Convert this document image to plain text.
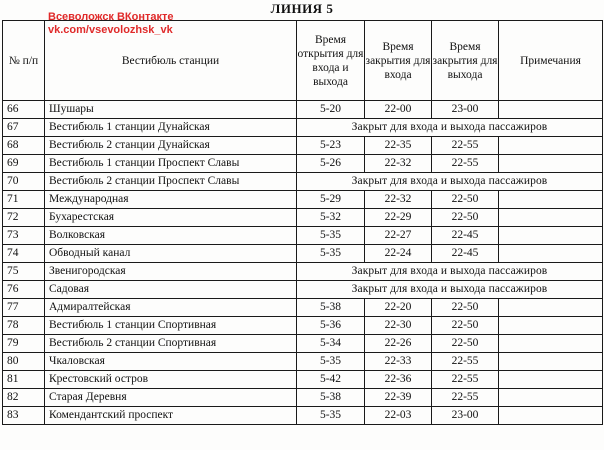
ЛИНИЯ 5
Всеволожск ВКонтакте
vk.com/vsevolozhsk_vk
№ п/п	Вестибюль станции	Время открытия для входа и выхода	Время закрытия для входа	Время закрытия для выхода	Примечания
66	Шушары	5-20	22-00	23-00	
67	Вестибюль 1 станции Дунайская	Закрыт для входа и выхода пассажиров			
68	Вестибюль 2 станции Дунайская	5-23	22-35	22-55	
69	Вестибюль 1 станции Проспект Славы	5-26	22-32	22-55	
70	Вестибюль 2 станции Проспект Славы	Закрыт для входа и выхода пассажиров			
71	Международная	5-29	22-32	22-50	
72	Бухарестская	5-32	22-29	22-50	
73	Волковская	5-35	22-27	22-45	
74	Обводный канал	5-35	22-24	22-45	
75	Звенигородская	Закрыт для входа и выхода пассажиров			
76	Садовая	Закрыт для входа и выхода пассажиров			
77	Адмиралтейская	5-38	22-20	22-50	
78	Вестибюль 1 станции Спортивная	5-36	22-30	22-50	
79	Вестибюль 2 станции Спортивная	5-34	22-26	22-50	
80	Чкаловская	5-35	22-33	22-55	
81	Крестовский остров	5-42	22-36	22-55	
82	Старая Деревня	5-38	22-39	22-55	
83	Комендантский проспект	5-35	22-03	23-00	
